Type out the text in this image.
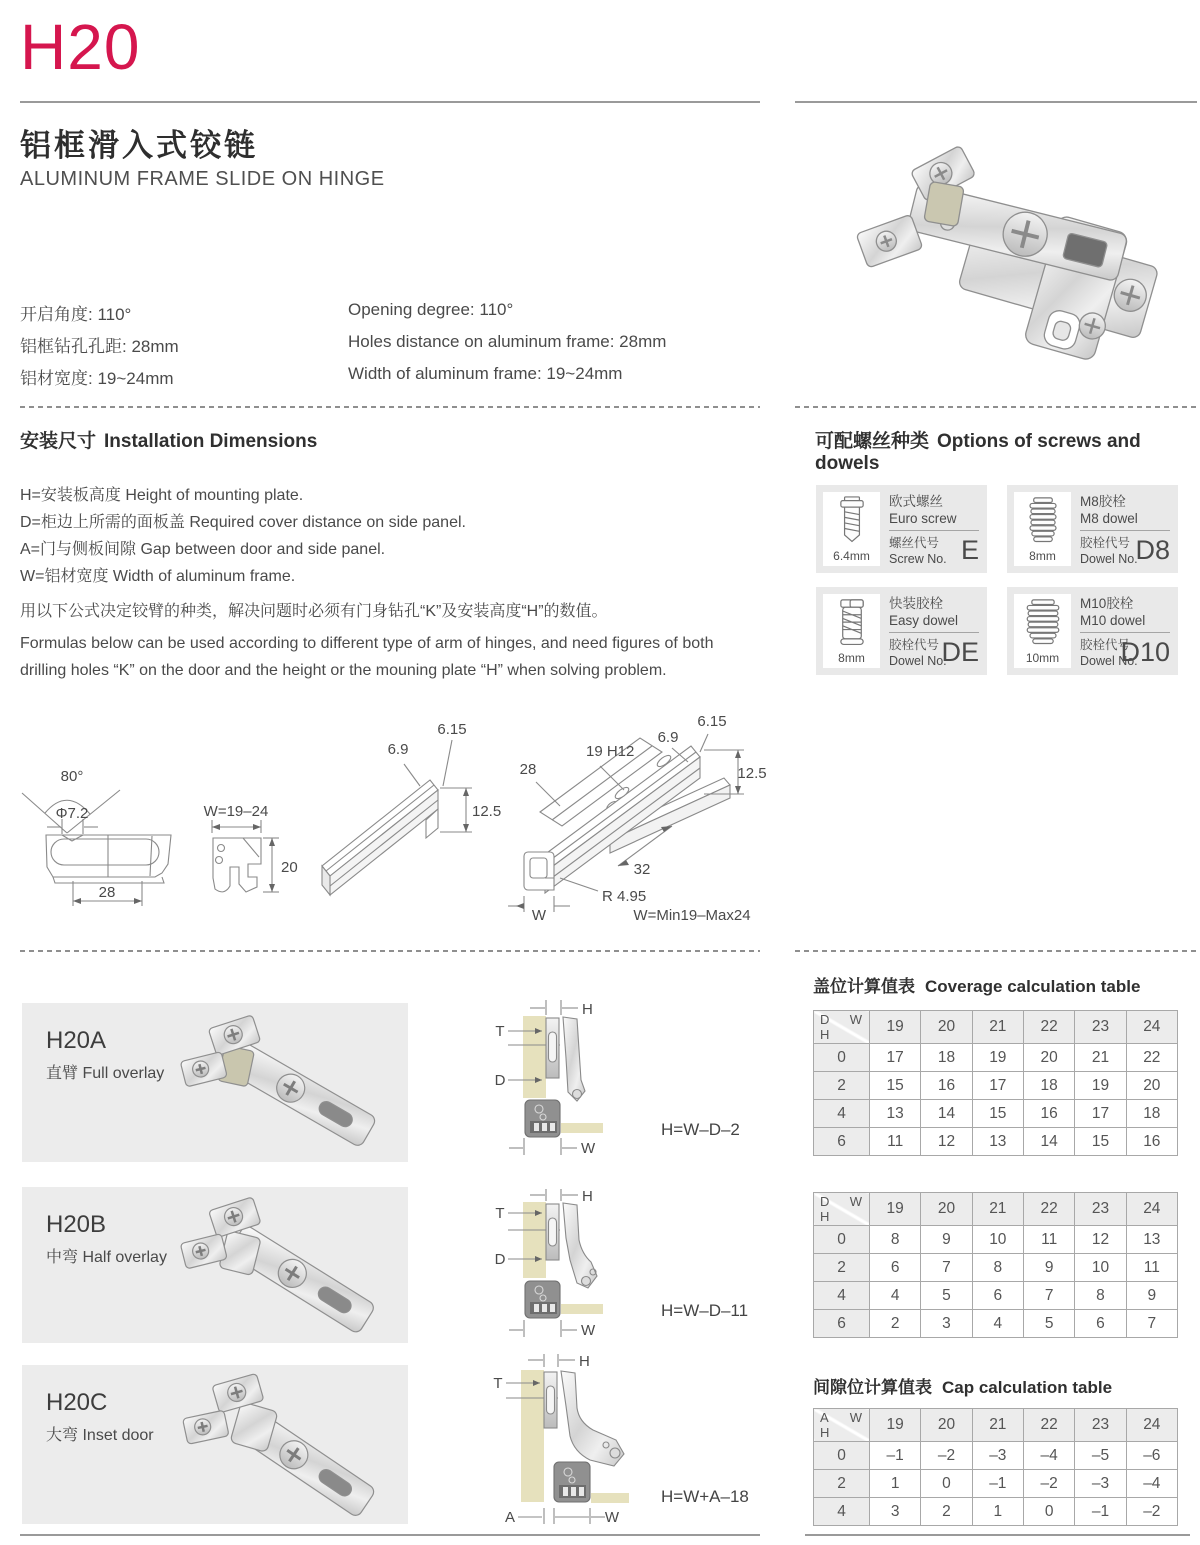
H20
铝框滑入式铰链
ALUMINUM FRAME SLIDE ON HINGE
开启角度: 110°
铝框钻孔孔距: 28mm
铝材宽度: 19~24mm
Opening degree: 110°
Holes distance on aluminum frame: 28mm
Width of aluminum frame: 19~24mm
安装尺寸 Installation Dimensions
H=安装板高度 Height of mounting plate.
D=柜边上所需的面板盖 Required cover distance on side panel.
A=门与侧板间隙 Gap between door and side panel.
W=铝材宽度 Width of aluminum frame.
用以下公式决定铰臂的种类，解决问题时必须有门身钻孔“K”及安装高度“H”的数值。
Formulas below can be used according to different type of arm of hinges, and need figures of both drilling holes “K” on the door and the height or the mouning plate “H” when solving problem.
可配螺丝种类 Options of screws and dowels
6.4mm
欧式螺丝
Euro screw
螺丝代号
Screw No. E	8mm
M8胶栓
M8 dowel
胶栓代号
Dowel No.
D8
8mm
快装胶栓
Easy dowel
胶栓代号
Dowel No.
DE	10mm
M10胶栓
M10 dowel
胶栓代号
Dowel No.
D10
80°
Φ7.2
28
W=19–24
20
6.9
6.15
12.5
28
19 H12
6.9
6.15
12.5
32
R 4.95
W	W=Min19–Max24
H20A
直臂 Full overlay
H
T
D
W
H=W–D–2
H20B
中弯 Half overlay
H
T
D
W
H=W–D–11
H20C
大弯 Inset door
H
T
A	W
H=W+A–18
盖位计算值表 Coverage calculation table
D W
H	19	20	21	22	23	24
0	17	18	19	20	21	22
2	15	16	17	18	19	20
4	13	14	15	16	17	18
6	11	12	13	14	15	16
D W
H	19	20	21	22	23	24
0	8	9	10	11	12	13
2	6	7	8	9	10	11
4	4	5	6	7	8	9
6	2	3	4	5	6	7
间隙位计算值表 Cap calculation table
A W
H	19	20	21	22	23	24
0	–1	–2	–3	–4	–5	–6
2	1	0	–1	–2	–3	–4
4	3	2	1	0	–1	–2
